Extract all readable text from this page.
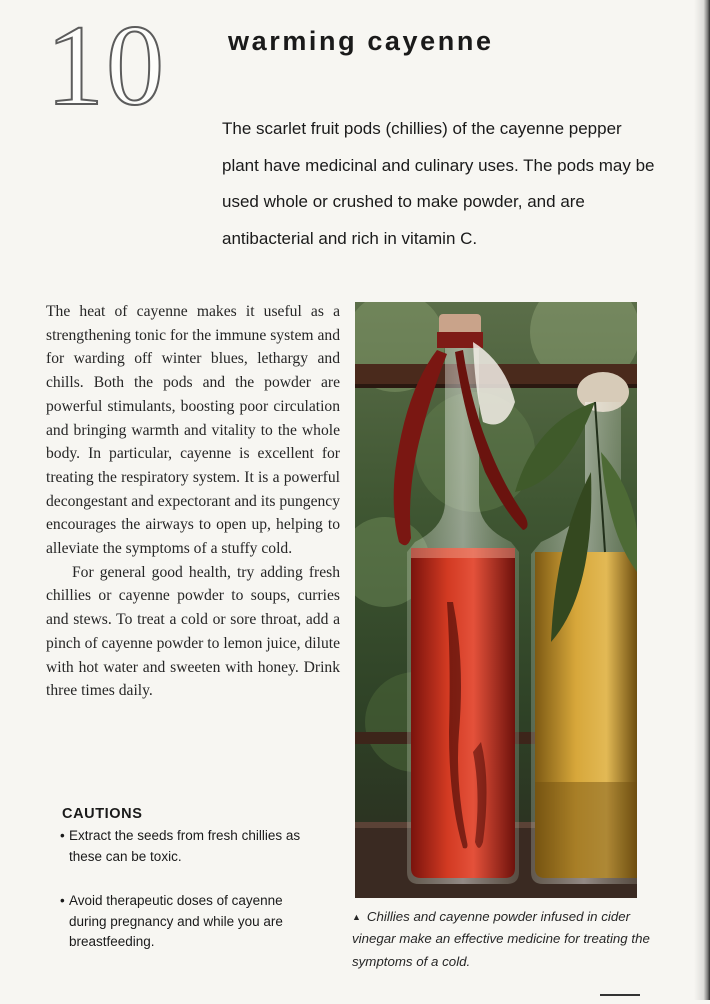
10 warming cayenne

The scarlet fruit pods (chillies) of the cayenne pepper plant have medicinal and culinary uses. The pods may be used whole or crushed to make powder, and are antibacterial and rich in vitamin C.

The heat of cayenne makes it useful as a strengthening tonic for the immune system and for warding off winter blues, lethargy and chills. Both the pods and the powder are powerful stimulants, boosting poor circulation and bringing warmth and vitality to the whole body. In particular, cayenne is excellent for treating the respiratory system. It is a powerful decongestant and expectorant and its pungency encourages the airways to open up, helping to alleviate the symptoms of a stuffy cold.

For general good health, try adding fresh chillies or cayenne powder to soups, curries and stews. To treat a cold or sore throat, add a pinch of cayenne powder to lemon juice, dilute with hot water and sweeten with honey. Drink three times daily.

CAUTIONS
• Extract the seeds from fresh chillies as these can be toxic.
• Avoid therapeutic doses of cayenne during pregnancy and while you are breastfeeding.

▲ Chillies and cayenne powder infused in cider vinegar make an effective medicine for treating the symptoms of a cold.
